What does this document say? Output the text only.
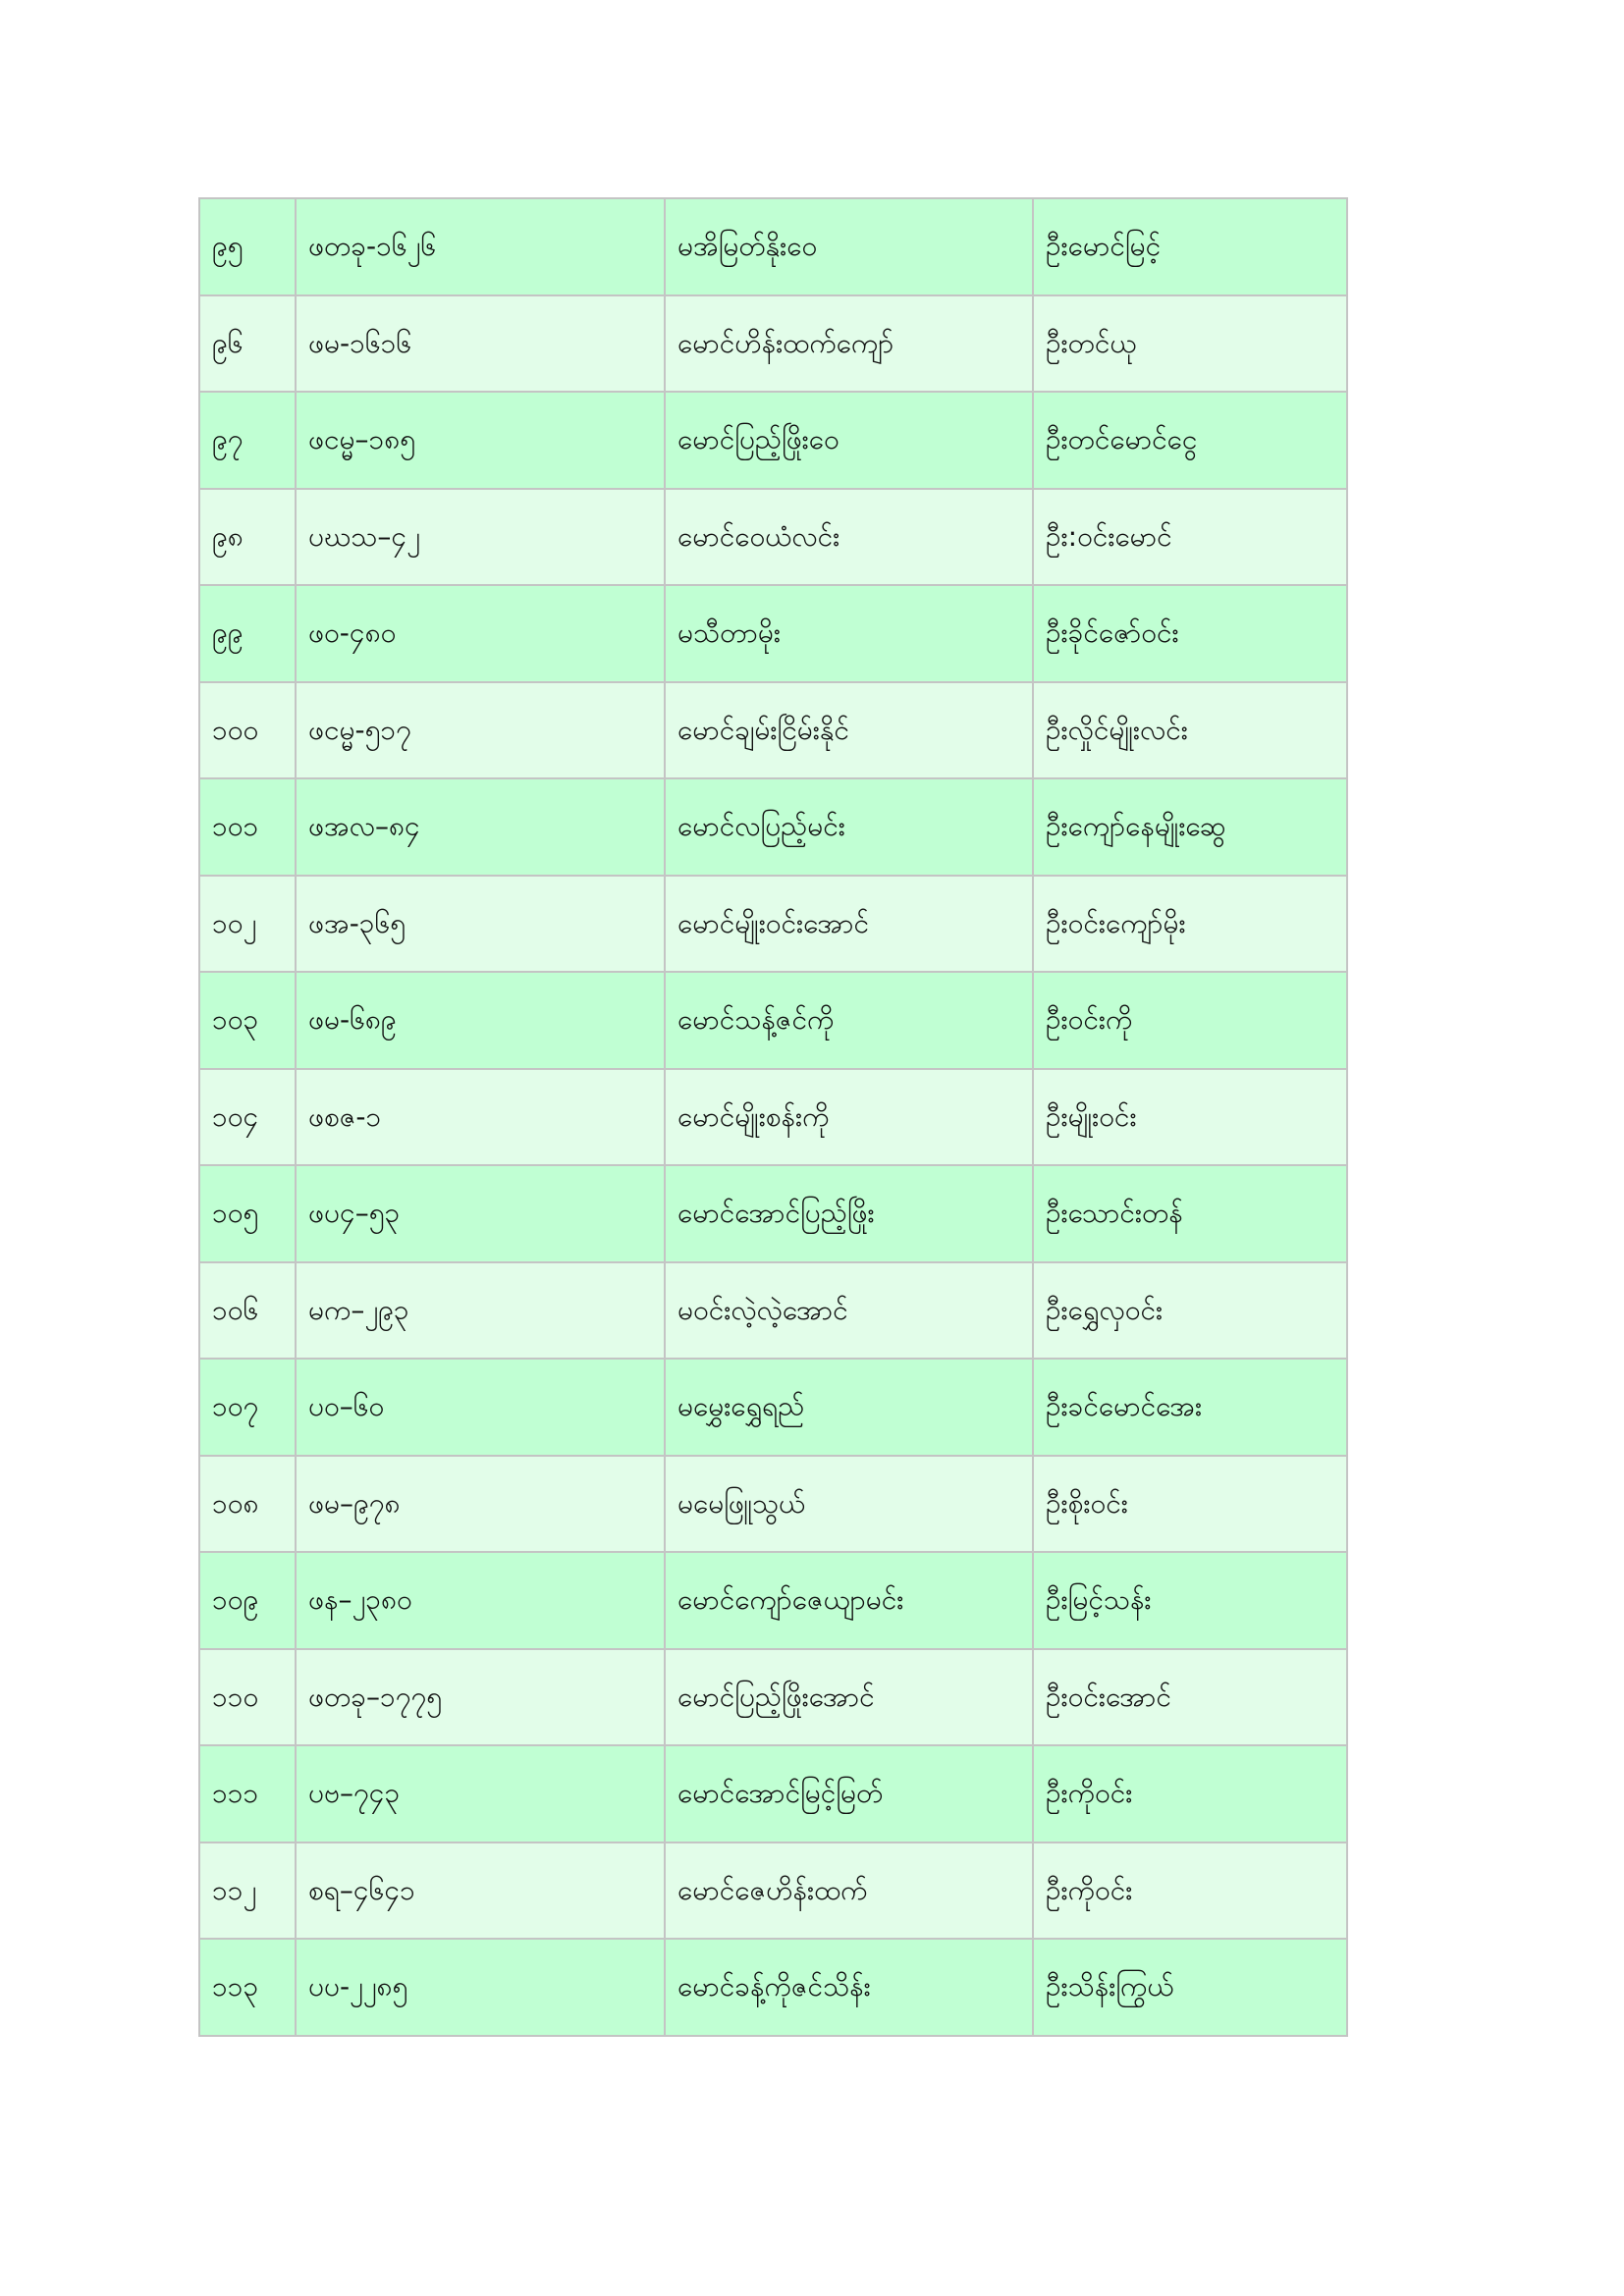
၉၅	ဖတခု-၁၆၂၆	မအိမြတ်နိုးဝေ	ဦးမောင်မြင့်
၉၆	ဖမ-၁၆၁၆	မောင်ဟိန်းထက်ကျော်	ဦးတင်ယု
၉၇	ဖငမ္မ–၁၈၅	မောင်ပြည့်ဖြိုးဝေ	ဦးတင်မောင်ငွေ
၉၈	ပဃသ–၄၂	မောင်ဝေယံလင်း	ဦး:ဝင်းမောင်
၉၉	ဖဝ-၄၈၀	မသီတာမိုး	ဦးခိုင်ဇော်ဝင်း
၁၀၀	ဖငမ္မ-၅၁၇	မောင်ချမ်းငြိမ်းနိုင်	ဦးလှိုင်မျိုးလင်း
၁၀၁	ဖအလ–၈၄	မောင်လပြည့်မင်း	ဦးကျော်နေမျိုးဆွေ
၁၀၂	ဖအ-၃၆၅	မောင်မျိုးဝင်းအောင်	ဦးဝင်းကျော်မိုး
၁၀၃	ဖမ-၆၈၉	မောင်သန့်ဇင်ကို	ဦးဝင်းကို
၁၀၄	ဖစဇ-၁	မောင်မျိုးစန်းကို	ဦးမျိုးဝင်း
၁၀၅	ဖပ၄–၅၃	မောင်အောင်ပြည့်ဖြိုး	ဦးသောင်းတန်
၁၀၆	မက–၂၉၃	မဝင်းလဲ့လဲ့အောင်	ဦးရွှေလှဝင်း
၁၀၇	ပဝ–၆၀	မမွှေးရွှေရည်	ဦးခင်မောင်အေး
၁၀၈	ဖမ–၉၇၈	မမေဖြူသွယ်	ဦးစိုးဝင်း
၁၀၉	ဖန–၂၃၈၀	မောင်ကျော်ဇေယျာမင်း	ဦးမြင့်သန်း
၁၁၀	ဖတခု–၁၇၇၅	မောင်ပြည့်ဖြိုးအောင်	ဦးဝင်းအောင်
၁၁၁	ပဗ–၇၄၃	မောင်အောင်မြင့်မြတ်	ဦးကိုဝင်း
၁၁၂	စရ–၄၆၄၁	မောင်ဇေဟိန်းထက်	ဦးကိုဝင်း
၁၁၃	ပပ-၂၂၈၅	မောင်ခန့်ကိုဇင်သိန်း	ဦးသိန်းကြွယ်
